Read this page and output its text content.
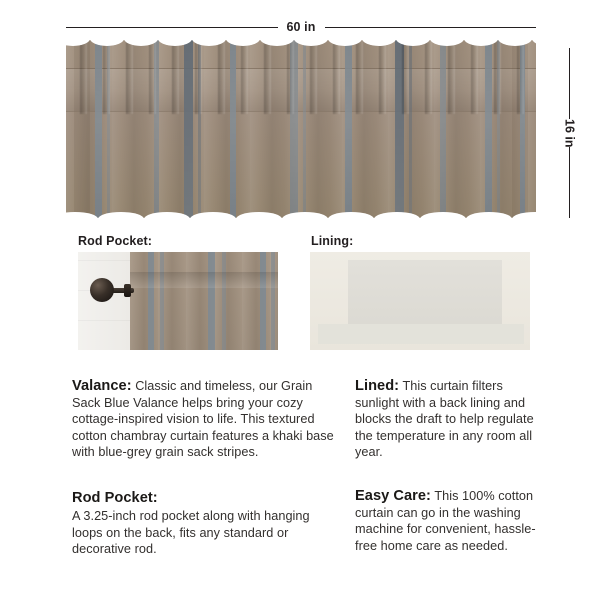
60 in
16 in
Rod Pocket:	Lining:

Valance: Classic and timeless, our Grain Sack Blue Valance helps bring your cozy cottage-inspired vision to life. This textured cotton chambray curtain features a khaki base with blue-grey grain sack stripes.

Lined: This curtain filters sunlight with a back lining and blocks the draft to help regulate the temperature in any room all year.

Rod Pocket:
A 3.25-inch rod pocket along with hanging loops on the back, fits any standard or decorative rod.

Easy Care: This 100% cotton curtain can go in the washing machine for convenient, hassle-free home care as needed.
